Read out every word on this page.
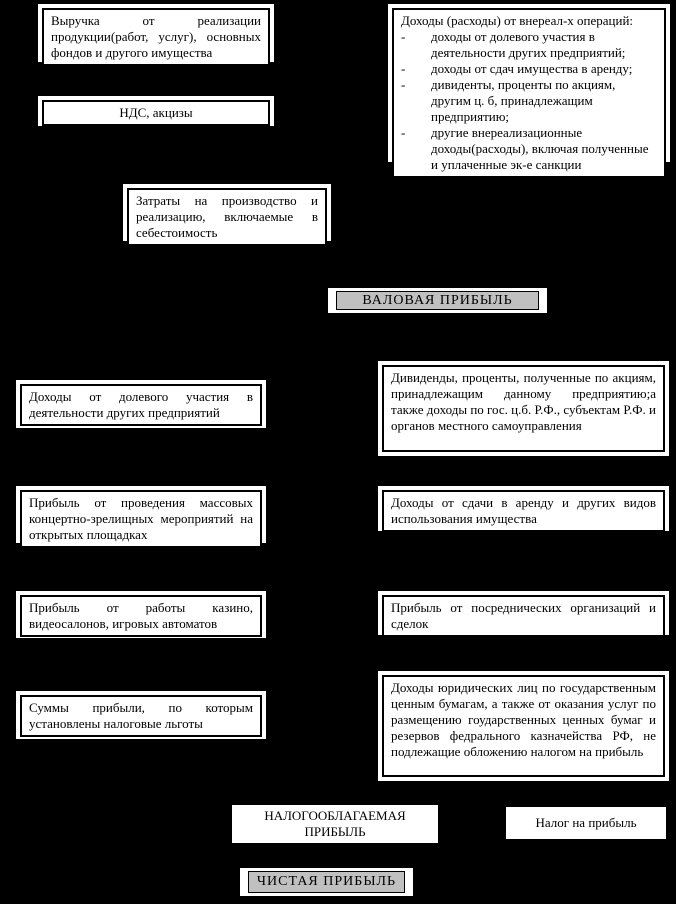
Выручка от реализации продукции(работ, услуг), основных фондов и другого имущества
Доходы (расходы) от внереал-х операций:
-	доходы от долевого участия в деятельности других предприятий;
-	доходы от сдач имущества в аренду;
-	дивиденты, проценты по акциям, другим ц. б, принадлежащим предприятию;
-	другие внереализационные доходы(расходы), включая полученные и уплаченные эк-е санкции
НДС, акцизы
Затраты на производство и реализацию, включаемые в себестоимость
ВАЛОВАЯ ПРИБЫЛЬ
Доходы от долевого участия в деятельности других предприятий
Дивиденды, проценты, полученные по акциям, принадлежащим данному предприятию;а также доходы по гос. ц.б. Р.Ф., субъектам Р.Ф. и органов местного самоуправления
Прибыль от проведения массовых концертно-зрелищных мероприятий на открытых площадках
Доходы от сдачи в аренду и других видов использования имущества
Прибыль от работы казино, видеосалонов, игровых автоматов
Прибыль от посреднических организаций и сделок
Суммы прибыли, по которым установлены налоговые льготы
Доходы юридических лиц по государственным ценным бумагам, а также от оказания услуг по размещению гоударственных ценных бумаг и резервов федрального казначейства РФ, не подлежащие обложению налогом на прибыль
НАЛОГООБЛАГАЕМАЯ ПРИБЫЛЬ
Налог на прибыль
ЧИСТАЯ ПРИБЫЛЬ
